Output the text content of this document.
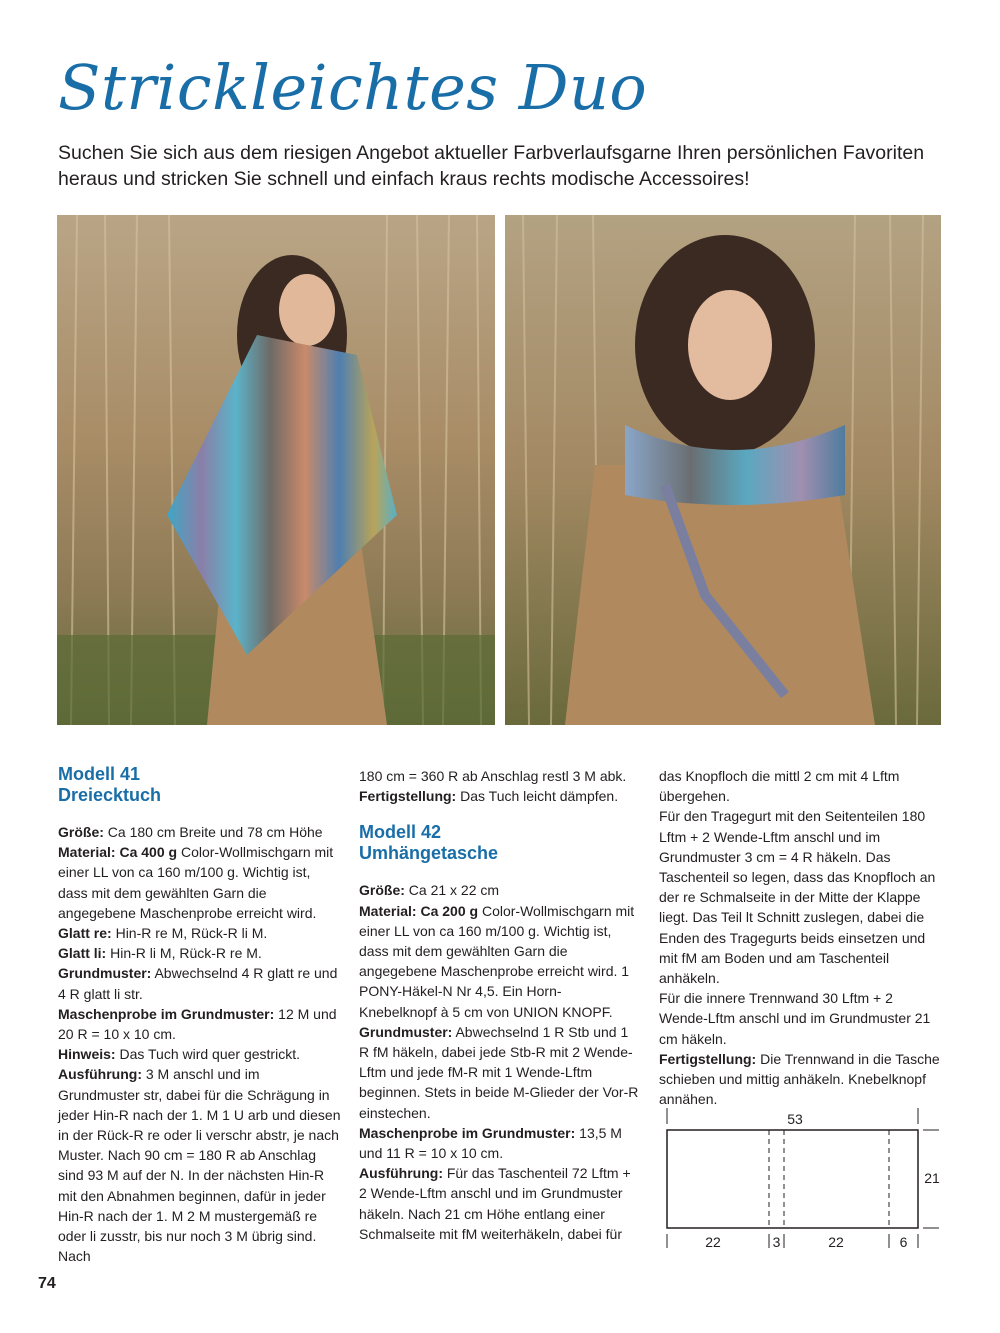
Strickleichtes Duo

Suchen Sie sich aus dem riesigen Angebot aktueller Farbverlaufsgarne Ihren persönlichen Favoriten heraus und stricken Sie schnell und einfach kraus rechts modische Accessoires!

Modell 41
Dreiecktuch

Größe: Ca 180 cm Breite und 78 cm Höhe

Material: Ca 400 g Color-Wollmischgarn mit einer LL von ca 160 m/100 g. Wichtig ist, dass mit dem gewählten Garn die angegebene Maschenprobe erreicht wird.

Glatt re: Hin-R re M, Rück-R li M.

Glatt li: Hin-R li M, Rück-R re M.

Grundmuster: Abwechselnd 4 R glatt re und 4 R glatt li str.

Maschenprobe im Grundmuster: 12 M und 20 R = 10 x 10 cm.

Hinweis: Das Tuch wird quer gestrickt.

Ausführung: 3 M anschl und im Grundmuster str, dabei für die Schrägung in jeder Hin-R nach der 1. M 1 U arb und diesen in der Rück-R re oder li verschr abstr, je nach Muster. Nach 90 cm = 180 R ab Anschlag sind 93 M auf der N. In der nächsten Hin-R mit den Abnahmen beginnen, dafür in jeder Hin-R nach der 1. M 2 M mustergemäß re oder li zusstr, bis nur noch 3 M übrig sind. Nach

180 cm = 360 R ab Anschlag restl 3 M abk.

Fertigstellung: Das Tuch leicht dämpfen.

Modell 42
Umhängetasche

Größe: Ca 21 x 22 cm

Material: Ca 200 g Color-Wollmischgarn mit einer LL von ca 160 m/100 g. Wichtig ist, dass mit dem gewählten Garn die angegebene Maschenprobe erreicht wird. 1 PONY-Häkel-N Nr 4,5. Ein Horn-Knebelknopf à 5 cm von UNION KNOPF.

Grundmuster: Abwechselnd 1 R Stb und 1 R fM häkeln, dabei jede Stb-R mit 2 Wende-Lftm und jede fM-R mit 1 Wende-Lftm beginnen. Stets in beide M-Glieder der Vor-R einstechen.

Maschenprobe im Grundmuster: 13,5 M und 11 R = 10 x 10 cm.

Ausführung: Für das Taschenteil 72 Lftm + 2 Wende-Lftm anschl und im Grundmuster häkeln. Nach 21 cm Höhe entlang einer Schmalseite mit fM weiterhäkeln, dabei für

das Knopfloch die mittl 2 cm mit 4 Lftm übergehen.

Für den Tragegurt mit den Seitenteilen 180 Lftm + 2 Wende-Lftm anschl und im Grundmuster 3 cm = 4 R häkeln. Das Taschenteil so legen, dass das Knopfloch an der re Schmalseite in der Mitte der Klappe liegt. Das Teil lt Schnitt zuslegen, dabei die Enden des Tragegurts beids einsetzen und mit fM am Boden und am Taschenteil anhäkeln.

Für die innere Trennwand 30 Lftm + 2 Wende-Lftm anschl und im Grundmuster 21 cm häkeln.

Fertigstellung: Die Trennwand in die Tasche schieben und mittig anhäkeln. Knebelknopf annähen.

53
21
22	3	22	6
74
